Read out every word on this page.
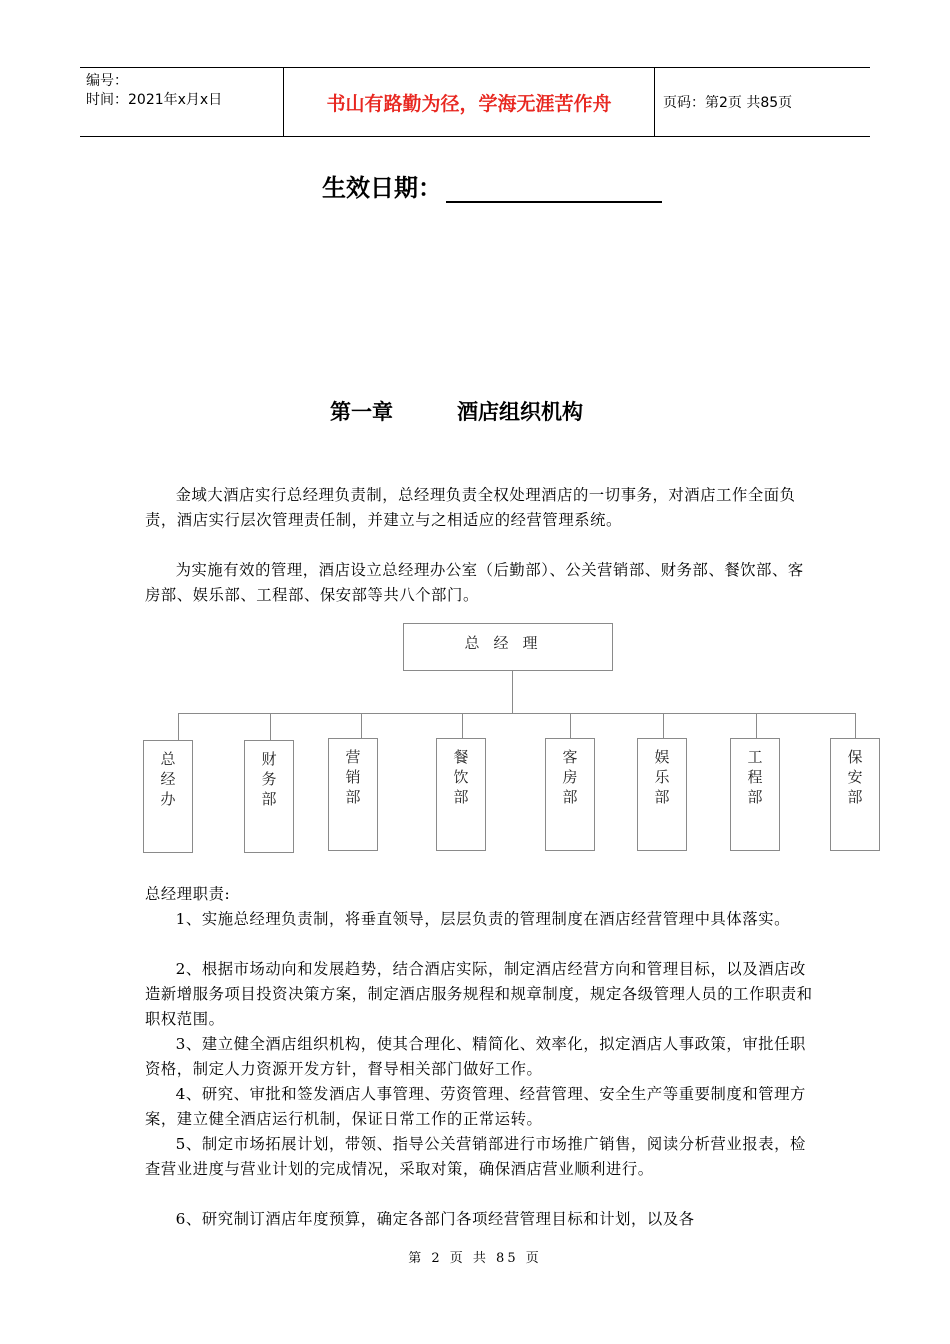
编号：
时间：2021年x月x日	书山有路勤为径，学海无涯苦作舟	页码：第2页 共85页
生效日期：
第一章	酒店组织机构

金域大酒店实行总经理负责制，总经理负责全权处理酒店的一切事务，对酒店工作全面负责，酒店实行层次管理责任制，并建立与之相适应的经营管理系统。

为实施有效的管理，酒店设立总经理办公室（后勤部）、公关营销部、财务部、餐饮部、客房部、娱乐部、工程部、保安部等共八个部门。

总经理
总
经
办
财
务
部
营
销
部
餐
饮
部
客
房
部
娱
乐
部
工
程
部
保
安
部
总经理职责:

1、实施总经理负责制，将垂直领导，层层负责的管理制度在酒店经营管理中具体落实。

2、根据市场动向和发展趋势，结合酒店实际，制定酒店经营方向和管理目标，以及酒店改造新增服务项目投资决策方案，制定酒店服务规程和规章制度，规定各级管理人员的工作职责和职权范围。

3、建立健全酒店组织机构，使其合理化、精简化、效率化，拟定酒店人事政策，审批任职资格，制定人力资源开发方针，督导相关部门做好工作。

4、研究、审批和签发酒店人事管理、劳资管理、经营管理、安全生产等重要制度和管理方案，建立健全酒店运行机制，保证日常工作的正常运转。

5、制定市场拓展计划，带领、指导公关营销部进行市场推广销售，阅读分析营业报表，检查营业进度与营业计划的完成情况，采取对策，确保酒店营业顺利进行。

6、研究制订酒店年度预算，确定各部门各项经营管理目标和计划，以及各

第 2 页 共 85 页
